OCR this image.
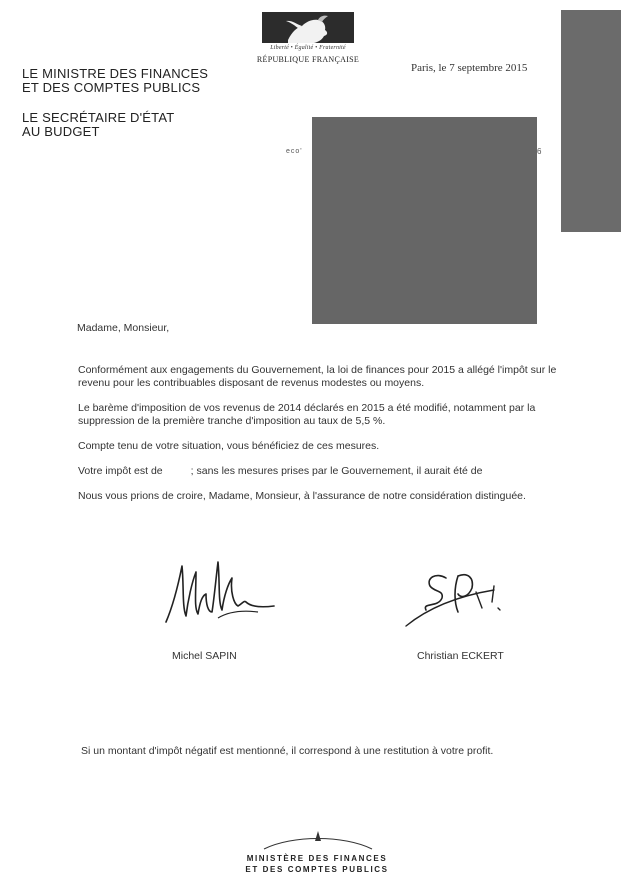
Liberté • Égalité • Fraternité
RÉPUBLIQUE FRANÇAISE
LE MINISTRE DES FINANCES
ET DES COMPTES PUBLICS
LE SECRÉTAIRE D'ÉTAT
AU BUDGET
Paris, le 7 septembre 2015
eco'	6
Madame, Monsieur,
Conformément aux engagements du Gouvernement, la loi de finances pour 2015 a allégé l'impôt sur le revenu pour les contribuables disposant de revenus modestes ou moyens.
Le barème d'imposition de vos revenus de 2014 déclarés en 2015 a été modifié, notamment par la suppression de la première tranche d'imposition au taux de 5,5 %.
Compte tenu de votre situation, vous bénéficiez de ces mesures.
Votre impôt est de	; sans les mesures prises par le Gouvernement, il aurait été de
Nous vous prions de croire, Madame, Monsieur, à l'assurance de notre considération distinguée.
Michel SAPIN	Christian ECKERT
Si un montant d'impôt négatif est mentionné, il correspond à une restitution à votre profit.
MINISTÈRE DES FINANCES
ET DES COMPTES PUBLICS
